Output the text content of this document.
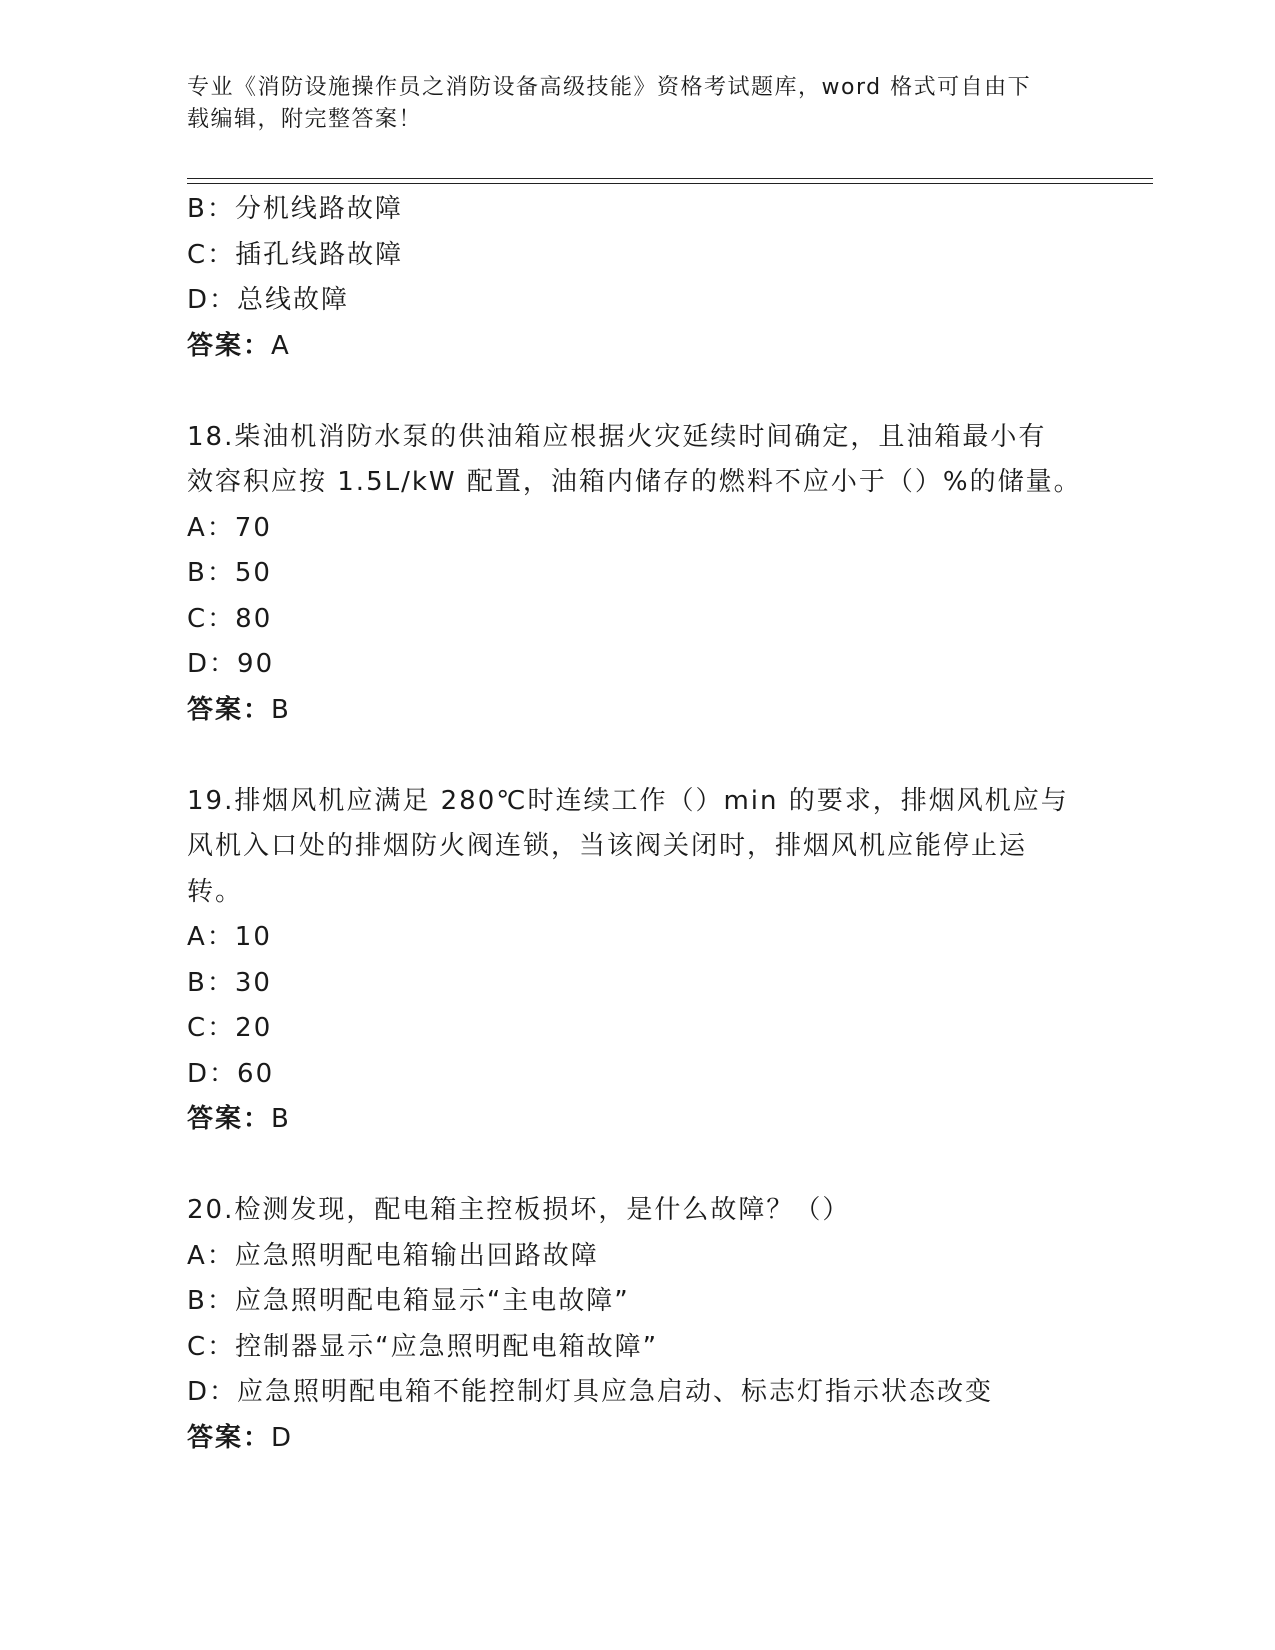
专业《消防设施操作员之消防设备高级技能》资格考试题库，word 格式可自由下
载编辑，附完整答案！
B：分机线路故障
C：插孔线路故障
D：总线故障
答案：A
18.柴油机消防水泵的供油箱应根据火灾延续时间确定，且油箱最小有
效容积应按 1.5L/kW 配置，油箱内储存的燃料不应小于（）%的储量。
A：70
B：50
C：80
D：90
答案：B
19.排烟风机应满足 280℃时连续工作（）min 的要求，排烟风机应与
风机入口处的排烟防火阀连锁，当该阀关闭时，排烟风机应能停止运
转。
A：10
B：30
C：20
D：60
答案：B
20.检测发现，配电箱主控板损坏，是什么故障？（）
A：应急照明配电箱输出回路故障
B：应急照明配电箱显示“主电故障”
C：控制器显示“应急照明配电箱故障”
D：应急照明配电箱不能控制灯具应急启动、标志灯指示状态改变
答案：D
